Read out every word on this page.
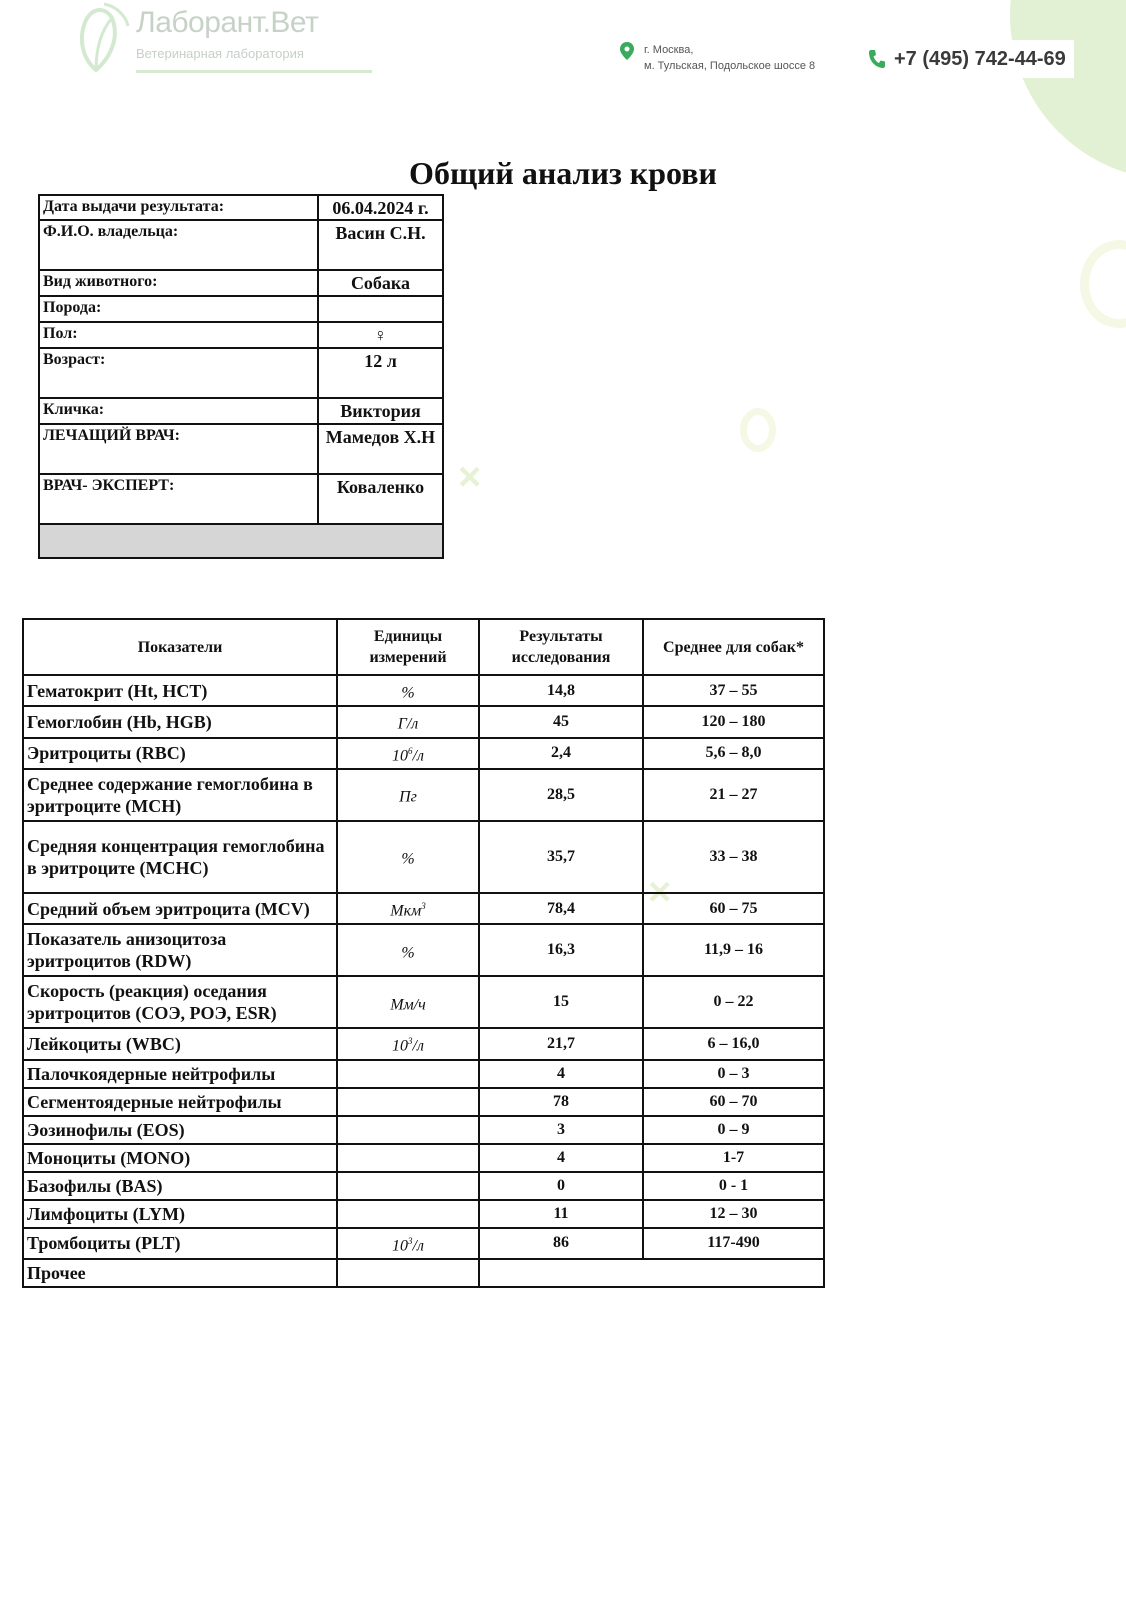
×
×
Лаборант.Вет
Ветеринарная лаборатория	г. Москва,
м. Тульская, Подольское шоссе 8	+7 (495) 742-44-69
Общий анализ крови
Дата выдачи результата:	06.04.2024 г.
Ф.И.О. владельца:	Васин С.Н.
Вид животного:	Собака
Порода:	
Пол:	♀
Возраст:	12 л
Кличка:	Виктория
ЛЕЧАЩИЙ ВРАЧ:	Мамедов Х.Н
ВРАЧ- ЭКСПЕРТ:	Коваленко

Показатели	Единицы измерений	Результаты исследования	Среднее для собак*
Гематокрит (Ht, HCT)	%	14,8	37 – 55
Гемоглобин (Hb, HGB)	Г/л	45	120 – 180
Эритроциты (RBC)	$10^6/л$	2,4	5,6 – 8,0
Среднее содержание гемоглобина в эритроците (MCH)	Пг	28,5	21 – 27
Средняя концентрация гемоглобина в эритроците (MCHC)	%	35,7	33 – 38
Средний объем эритроцита (MCV)	Мкм$^3$	78,4	60 – 75
Показатель анизоцитоза эритроцитов (RDW)	%	16,3	11,9 – 16
Скорость (реакция) оседания эритроцитов (СОЭ, РОЭ, ESR)	Мм/ч	15	0 – 22
Лейкоциты (WBC)	$10^3/л$	21,7	6 – 16,0
Палочкоядерные нейтрофилы		4	0 – 3
Сегментоядерные нейтрофилы		78	60 – 70
Эозинофилы (EOS)		3	0 – 9
Моноциты (MONO)		4	1-7
Базофилы (BAS)		0	0 - 1
Лимфоциты (LYM)		11	12 – 30
Тромбоциты (PLT)	$10^3/л$	86	117-490
Прочее			
